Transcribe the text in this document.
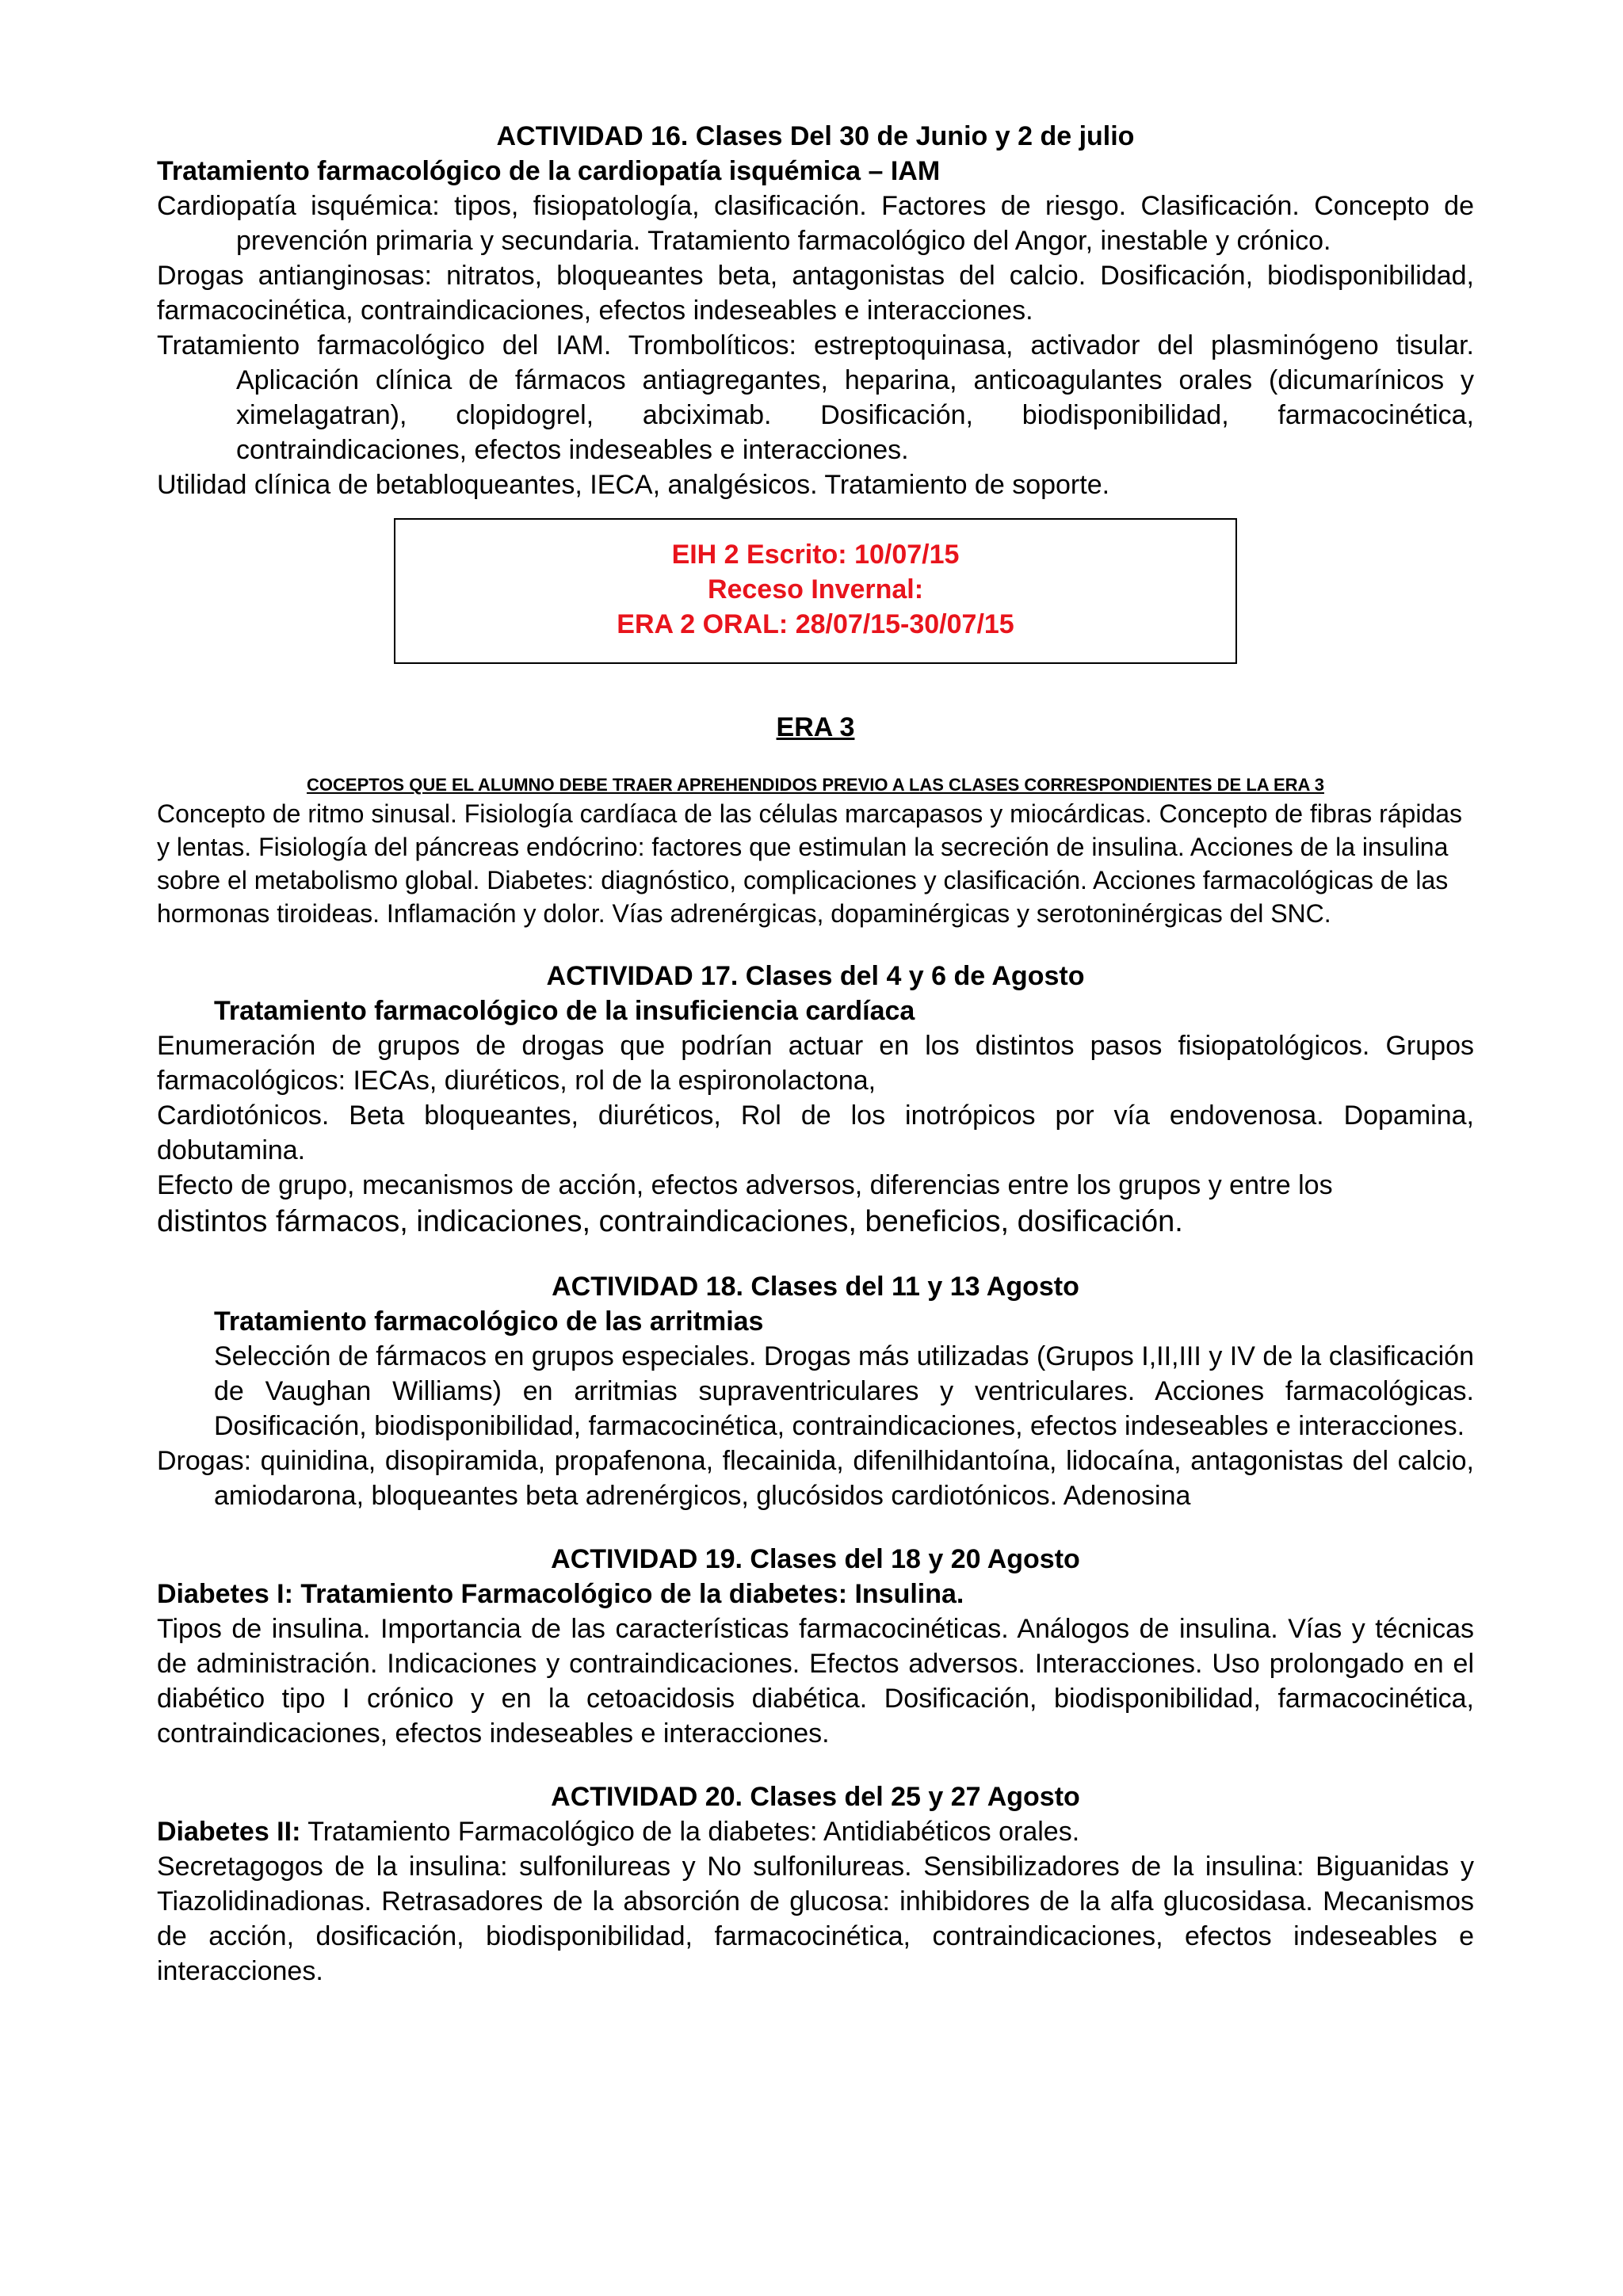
ACTIVIDAD 16. Clases Del 30 de Junio y 2 de julio

Tratamiento farmacológico de la cardiopatía isquémica – IAM

Cardiopatía isquémica: tipos, fisiopatología, clasificación. Factores de riesgo. Clasificación. Concepto de prevención primaria y secundaria. Tratamiento farmacológico del Angor, inestable y crónico.

Drogas antianginosas: nitratos, bloqueantes beta, antagonistas del calcio. Dosificación, biodisponibilidad, farmacocinética, contraindicaciones, efectos indeseables e interacciones.

Tratamiento farmacológico del IAM. Trombolíticos: estreptoquinasa, activador del plasminógeno tisular. Aplicación clínica de fármacos antiagregantes, heparina, anticoagulantes orales (dicumarínicos y ximelagatran), clopidogrel, abciximab. Dosificación, biodisponibilidad, farmacocinética, contraindicaciones, efectos indeseables e interacciones.

Utilidad clínica de betabloqueantes, IECA, analgésicos. Tratamiento de soporte.

EIH 2 Escrito: 10/07/15

Receso Invernal:

ERA 2 ORAL: 28/07/15-30/07/15

ERA 3

COCEPTOS QUE EL ALUMNO DEBE TRAER APREHENDIDOS PREVIO A LAS CLASES CORRESPONDIENTES DE LA ERA 3

Concepto de ritmo sinusal. Fisiología cardíaca de las células marcapasos y miocárdicas. Concepto de fibras rápidas y lentas. Fisiología del páncreas endócrino: factores que estimulan la secreción de insulina. Acciones de la insulina sobre el metabolismo global. Diabetes: diagnóstico, complicaciones y clasificación. Acciones farmacológicas de las hormonas tiroideas. Inflamación y dolor. Vías adrenérgicas, dopaminérgicas y serotoninérgicas del SNC.

ACTIVIDAD 17. Clases del 4 y 6 de Agosto

Tratamiento farmacológico de la insuficiencia cardíaca

Enumeración de grupos de drogas que podrían actuar en los distintos pasos fisiopatológicos. Grupos farmacológicos: IECAs, diuréticos, rol de la espironolactona,

Cardiotónicos. Beta bloqueantes, diuréticos, Rol de los inotrópicos por vía endovenosa. Dopamina, dobutamina.

Efecto de grupo, mecanismos de acción, efectos adversos, diferencias entre los grupos y entre los

distintos fármacos, indicaciones, contraindicaciones, beneficios, dosificación.

ACTIVIDAD 18. Clases del 11 y 13 Agosto

Tratamiento farmacológico de las arritmias

Selección de fármacos en grupos especiales. Drogas más utilizadas (Grupos I,II,III y IV de la clasificación de Vaughan Williams) en arritmias supraventriculares y ventriculares. Acciones farmacológicas. Dosificación, biodisponibilidad, farmacocinética, contraindicaciones, efectos indeseables e interacciones.

Drogas: quinidina, disopiramida, propafenona, flecainida, difenilhidantoína, lidocaína, antagonistas del calcio, amiodarona, bloqueantes beta adrenérgicos, glucósidos cardiotónicos. Adenosina

ACTIVIDAD 19. Clases del 18 y 20 Agosto

Diabetes I: Tratamiento Farmacológico de la diabetes: Insulina.

Tipos de insulina. Importancia de las características farmacocinéticas. Análogos de insulina. Vías y técnicas de administración. Indicaciones y contraindicaciones. Efectos adversos. Interacciones. Uso prolongado en el diabético tipo I crónico y en la cetoacidosis diabética. Dosificación, biodisponibilidad, farmacocinética, contraindicaciones, efectos indeseables e interacciones.

ACTIVIDAD 20. Clases del 25 y 27 Agosto

Diabetes II: Tratamiento Farmacológico de la diabetes: Antidiabéticos orales.

Secretagogos de la insulina: sulfonilureas y No sulfonilureas. Sensibilizadores de la insulina: Biguanidas y Tiazolidinadionas. Retrasadores de la absorción de glucosa: inhibidores de la alfa glucosidasa. Mecanismos de acción, dosificación, biodisponibilidad, farmacocinética, contraindicaciones, efectos indeseables e interacciones.
